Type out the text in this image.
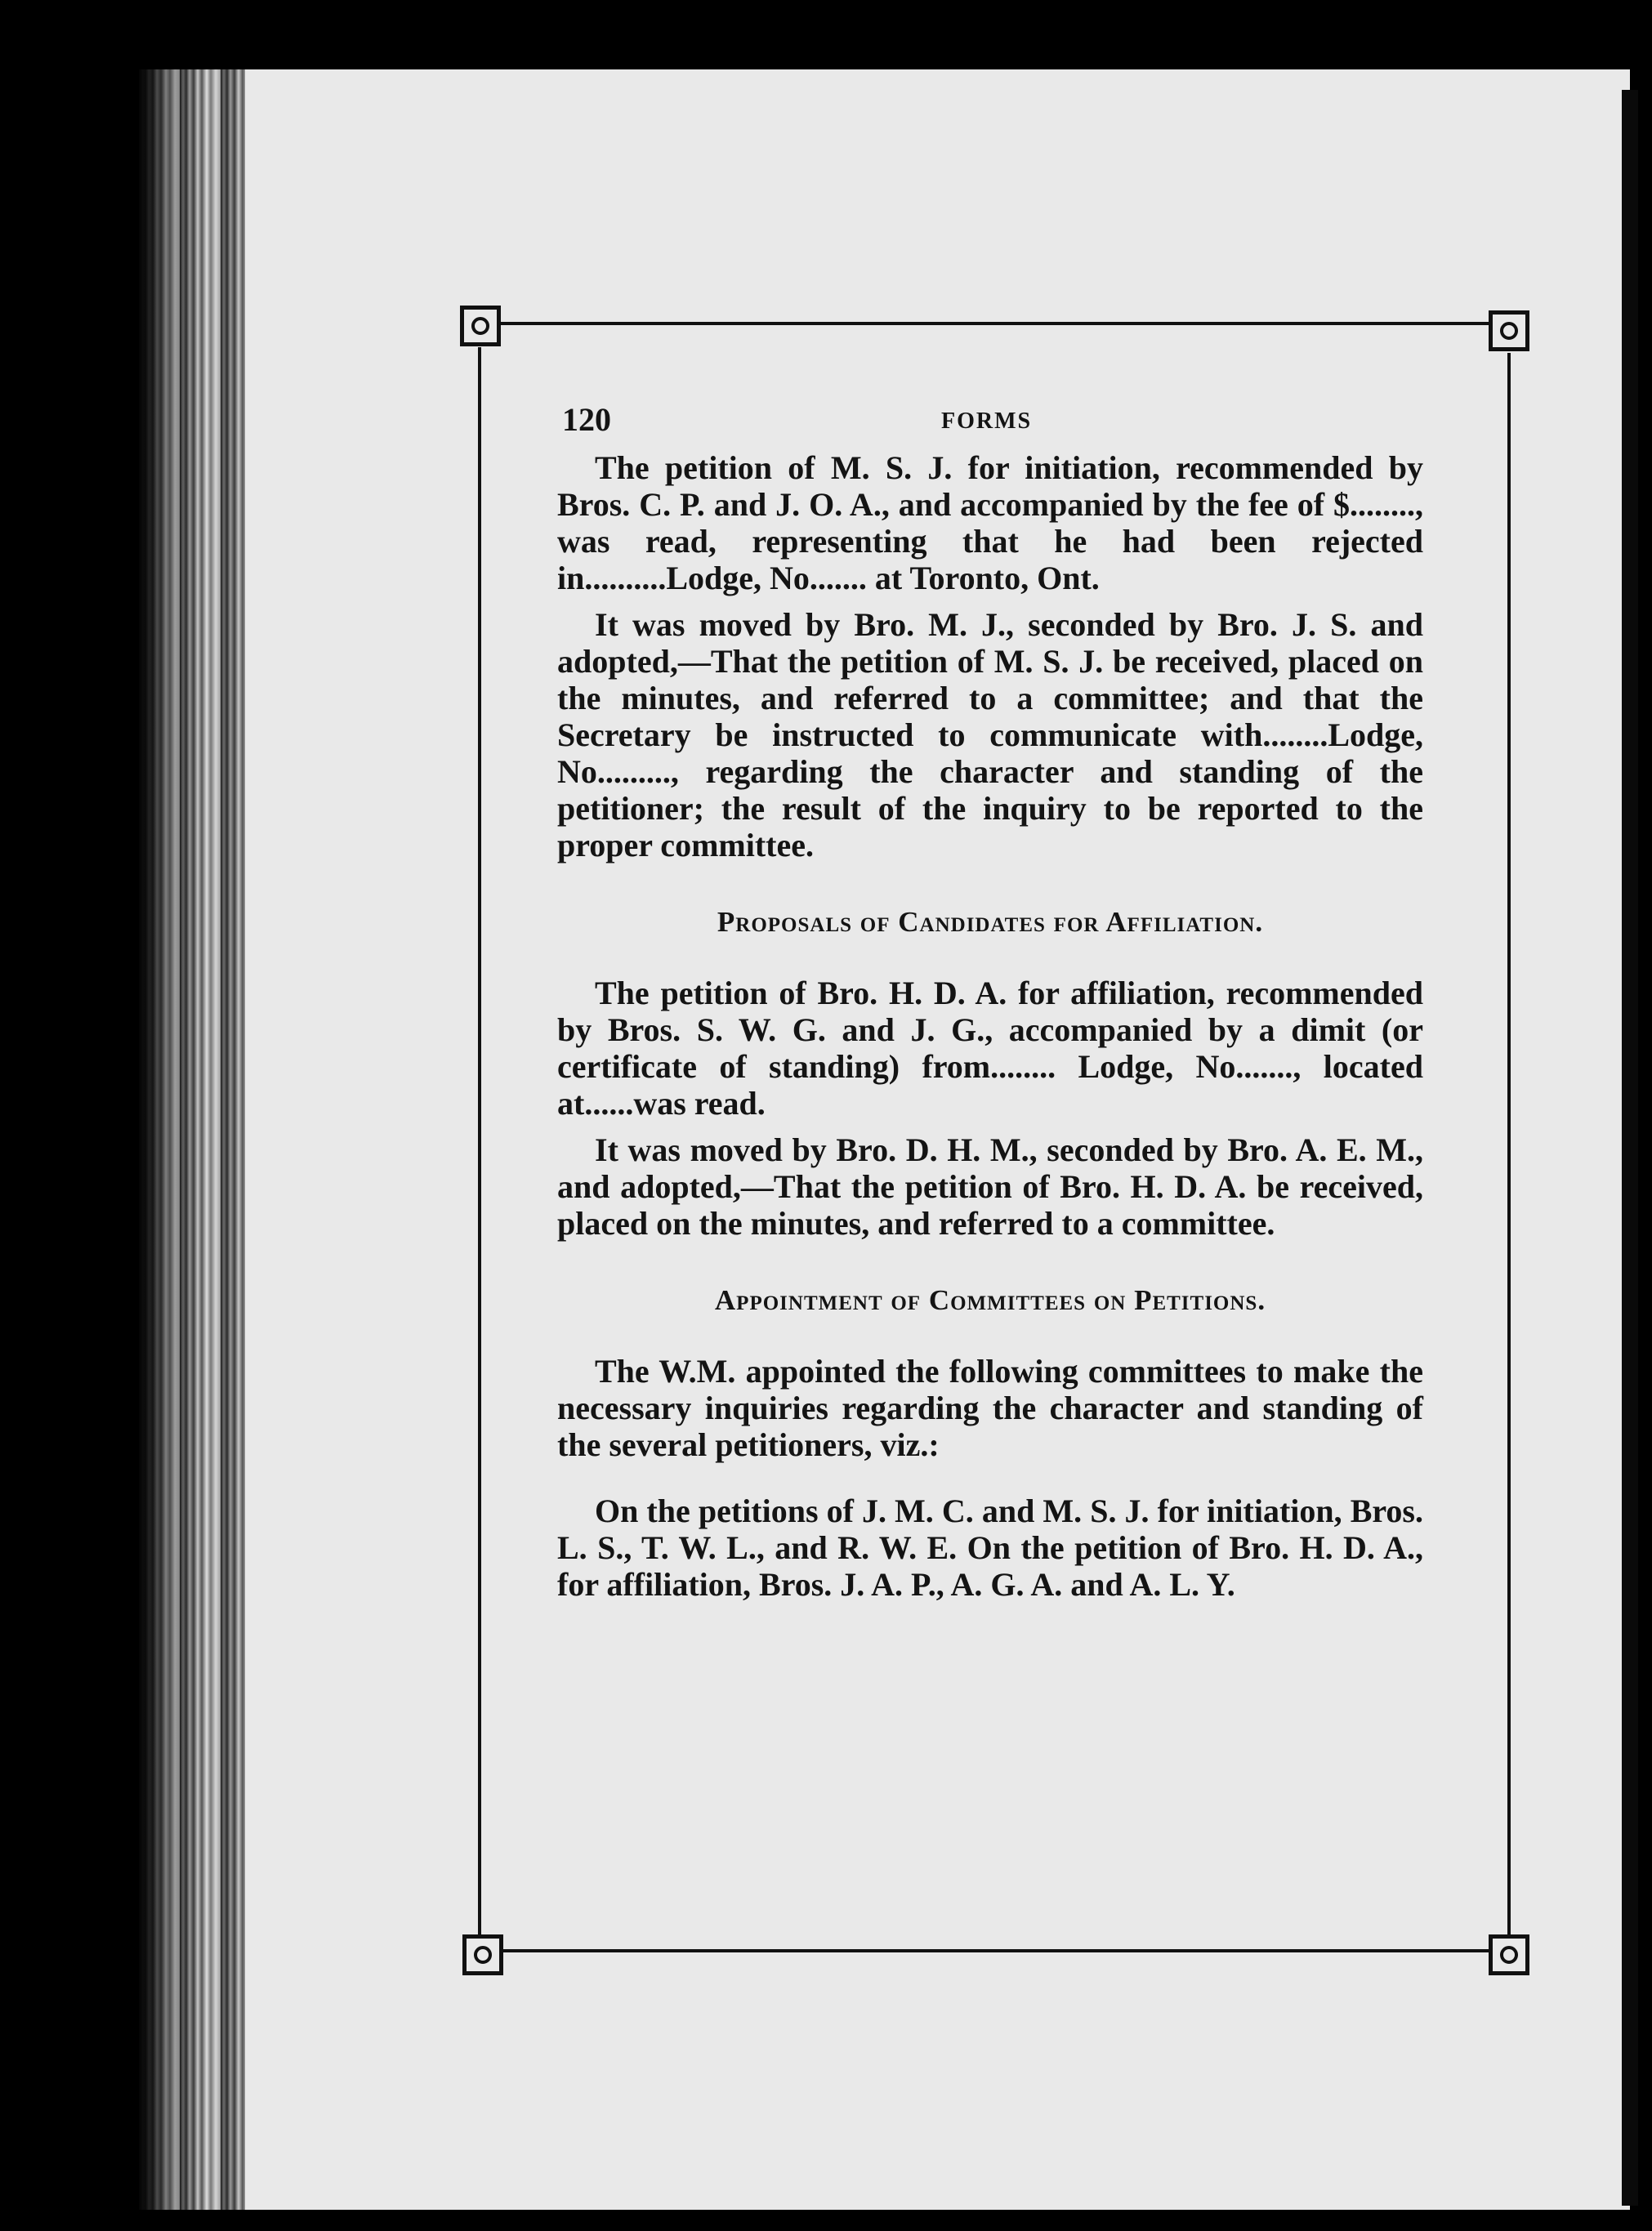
120	FORMS

The petition of M. S. J. for initiation, recommended by Bros. C. P. and J. O. A., and accompanied by the fee of $........, was read, representing that he had been rejected in..........Lodge, No....... at Toronto, Ont.

It was moved by Bro. M. J., seconded by Bro. J. S. and adopted,—That the petition of M. S. J. be received, placed on the minutes, and referred to a committee; and that the Secretary be instructed to communicate with........Lodge, No........., regarding the character and standing of the petitioner; the result of the inquiry to be reported to the proper committee.

Proposals of Candidates for Affiliation.

The petition of Bro. H. D. A. for affiliation, recommended by Bros. S. W. G. and J. G., accompanied by a dimit (or certificate of standing) from........ Lodge, No......., located at......was read.

It was moved by Bro. D. H. M., seconded by Bro. A. E. M., and adopted,—That the petition of Bro. H. D. A. be received, placed on the minutes, and referred to a committee.

Appointment of Committees on Petitions.

The W.M. appointed the following committees to make the necessary inquiries regarding the character and standing of the several petitioners, viz.:

On the petitions of J. M. C. and M. S. J. for initiation, Bros. L. S., T. W. L., and R. W. E. On the petition of Bro. H. D. A., for affiliation, Bros. J. A. P., A. G. A. and A. L. Y.
